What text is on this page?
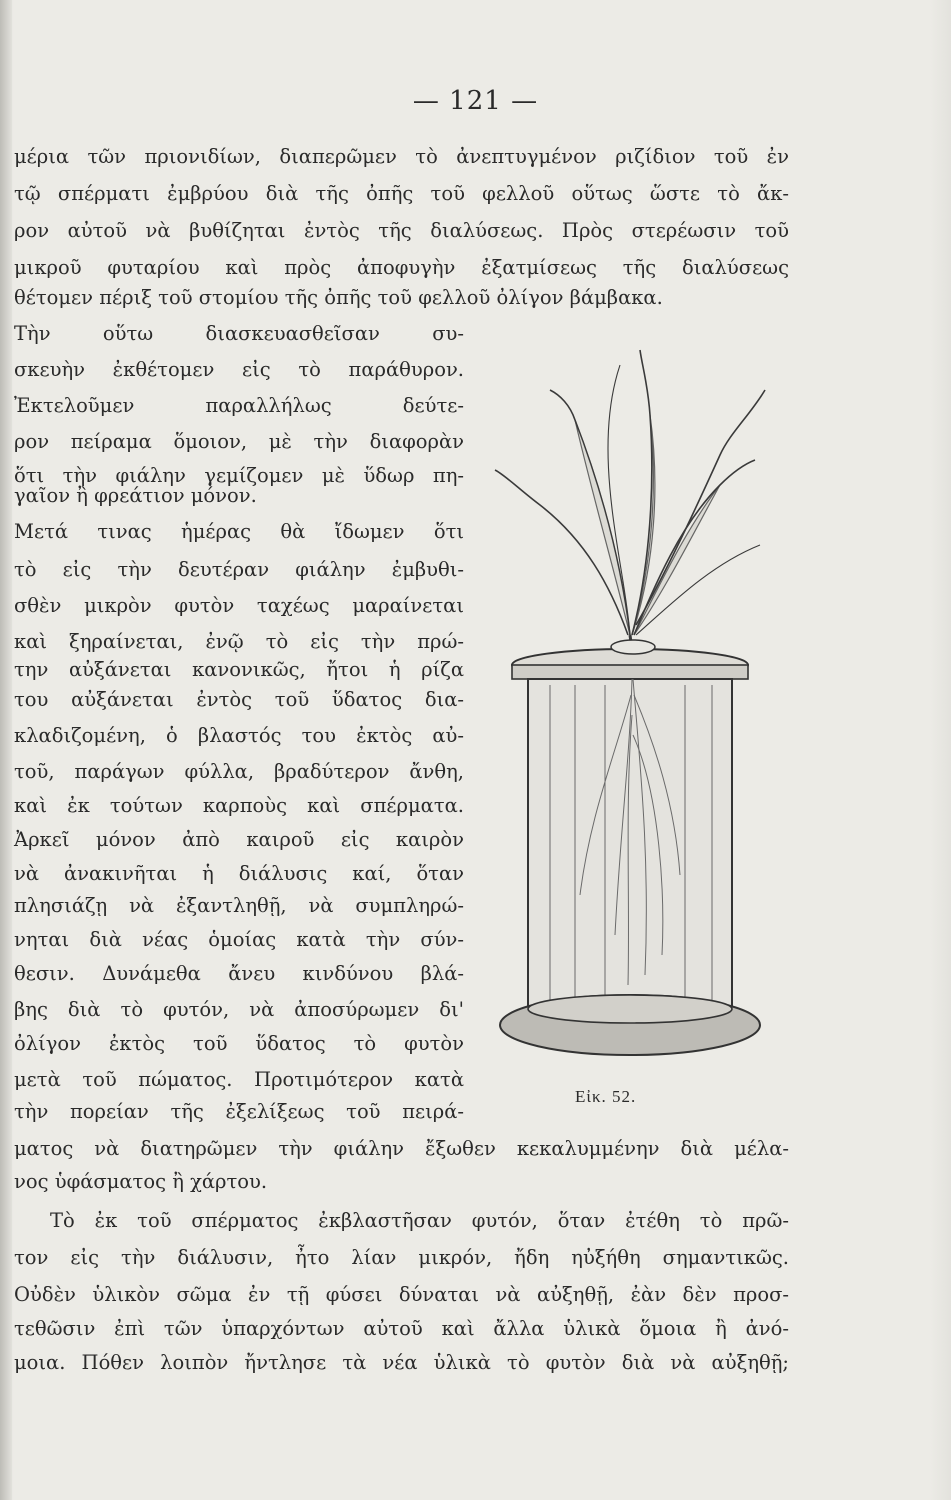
— 121 —
μέρια τῶν πριονιδίων, διαπερῶμεν τὸ ἀνεπτυγμένον ριζίδιον τοῦ ἐν
τῷ σπέρματι ἐμβρύου διὰ τῆς ὀπῆς τοῦ φελλοῦ οὕτως ὥστε τὸ ἄκ-
ρον αὐτοῦ νὰ βυθίζηται ἐντὸς τῆς διαλύσεως. Πρὸς στερέωσιν τοῦ
μικροῦ φυταρίου καὶ πρὸς ἀποφυγὴν ἐξατμίσεως τῆς διαλύσεως
θέτομεν πέριξ τοῦ στομίου τῆς ὀπῆς τοῦ φελλοῦ ὀλίγον βάμβακα.
Τὴν οὕτω διασκευασθεῖσαν συ-
σκευὴν ἐκθέτομεν εἰς τὸ παράθυρον.
Ἐκτελοῦμεν παραλλήλως δεύτε-
ρον πείραμα ὅμοιον, μὲ τὴν διαφορὰν
ὅτι τὴν φιάλην γεμίζομεν μὲ ὕδωρ πη-
γαῖον ἢ φρεάτιον μόνον.
Μετά τινας ἡμέρας θὰ ἴδωμεν ὅτι
τὸ εἰς τὴν δευτέραν φιάλην ἐμβυθι-
σθὲν μικρὸν φυτὸν ταχέως μαραίνεται
καὶ ξηραίνεται, ἐνῷ τὸ εἰς τὴν πρώ-
την αὐξάνεται κανονικῶς, ἤτοι ἡ ρίζα
του αὐξάνεται ἐντὸς τοῦ ὕδατος δια-
κλαδιζομένη, ὁ βλαστός του ἐκτὸς αὐ-
τοῦ, παράγων φύλλα, βραδύτερον ἄνθη,
καὶ ἐκ τούτων καρποὺς καὶ σπέρματα.
Ἀρκεῖ μόνον ἀπὸ καιροῦ εἰς καιρὸν
νὰ ἀνακινῆται ἡ διάλυσις καί, ὅταν
πλησιάζῃ νὰ ἐξαντληθῇ, νὰ συμπληρώ-
νηται διὰ νέας ὁμοίας κατὰ τὴν σύν-
θεσιν. Δυνάμεθα ἄνευ κινδύνου βλά-
βης διὰ τὸ φυτόν, νὰ ἀποσύρωμεν δι'
ὀλίγον ἐκτὸς τοῦ ὕδατος τὸ φυτὸν
μετὰ τοῦ πώματος. Προτιμότερον κατὰ
τὴν πορείαν τῆς ἐξελίξεως τοῦ πειρά-
ματος νὰ διατηρῶμεν τὴν φιάλην ἔξωθεν κεκαλυμμένην διὰ μέλα-
νος ὑφάσματος ἢ χάρτου.
Τὸ ἐκ τοῦ σπέρματος ἐκβλαστῆσαν φυτόν, ὅταν ἐτέθη τὸ πρῶ-
τον εἰς τὴν διάλυσιν, ἦτο λίαν μικρόν, ἤδη ηὐξήθη σημαντικῶς.
Οὐδὲν ὑλικὸν σῶμα ἐν τῇ φύσει δύναται νὰ αὐξηθῇ, ἐὰν δὲν προσ-
τεθῶσιν ἐπὶ τῶν ὑπαρχόντων αὐτοῦ καὶ ἄλλα ὑλικὰ ὅμοια ἢ ἀνό-
μοια. Πόθεν λοιπὸν ἤντλησε τὰ νέα ὑλικὰ τὸ φυτὸν διὰ νὰ αὐξηθῇ;
Εἰκ. 52.
